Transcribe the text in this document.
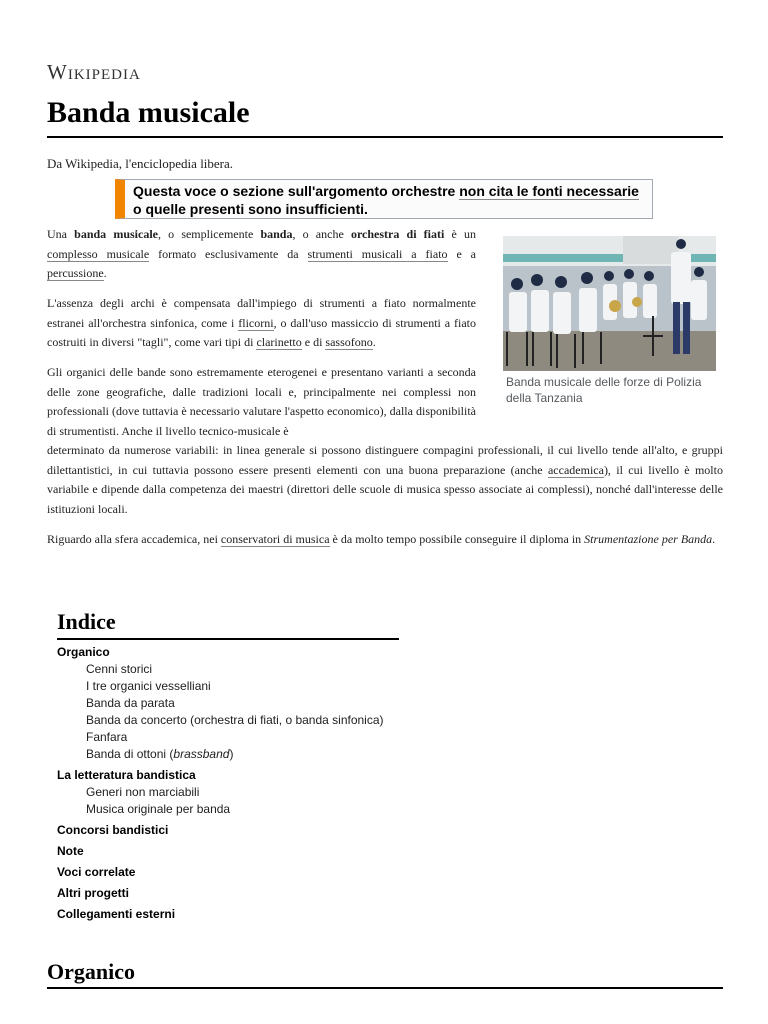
Wikipedia
Banda musicale
Da Wikipedia, l'enciclopedia libera.
Questa voce o sezione sull'argomento orchestre non cita le fonti necessarie o quelle presenti sono insufficienti.

Una banda musicale, o semplicemente banda, o anche orchestra di fiati è un complesso musicale formato esclusivamente da strumenti musicali a fiato e a percussione.

L'assenza degli archi è compensata dall'impiego di strumenti a fiato normalmente estranei all'orchestra sinfonica, come i flicorni, o dall'uso massiccio di strumenti a fiato costruiti in diversi "tagli", come vari tipi di clarinetto e di sassofono.

Gli organici delle bande sono estremamente eterogenei e presentano varianti a seconda delle zone geografiche, dalle tradizioni locali e, principalmente nei complessi non professionali (dove tuttavia è necessario valutare l'aspetto economico), dalla disponibilità di strumentisti. Anche il livello tecnico-musicale è

determinato da numerose variabili: in linea generale si possono distinguere compagini professionali, il cui livello tende all'alto, e gruppi dilettantistici, in cui tuttavia possono essere presenti elementi con una buona preparazione (anche accademica), il cui livello è molto variabile e dipende dalla competenza dei maestri (direttori delle scuole di musica spesso associate ai complessi), nonché dall'interesse delle istituzioni locali.

Riguardo alla sfera accademica, nei conservatori di musica è da molto tempo possibile conseguire il diploma in Strumentazione per Banda.

Banda musicale delle forze di Polizia della Tanzania
Indice
Organico
Cenni storici
I tre organici vesselliani
Banda da parata
Banda da concerto (orchestra di fiati, o banda sinfonica)
Fanfara
Banda di ottoni (brassband)
La letteratura bandistica
Generi non marciabili
Musica originale per banda
Concorsi bandistici
Note
Voci correlate
Altri progetti
Collegamenti esterni
Organico
